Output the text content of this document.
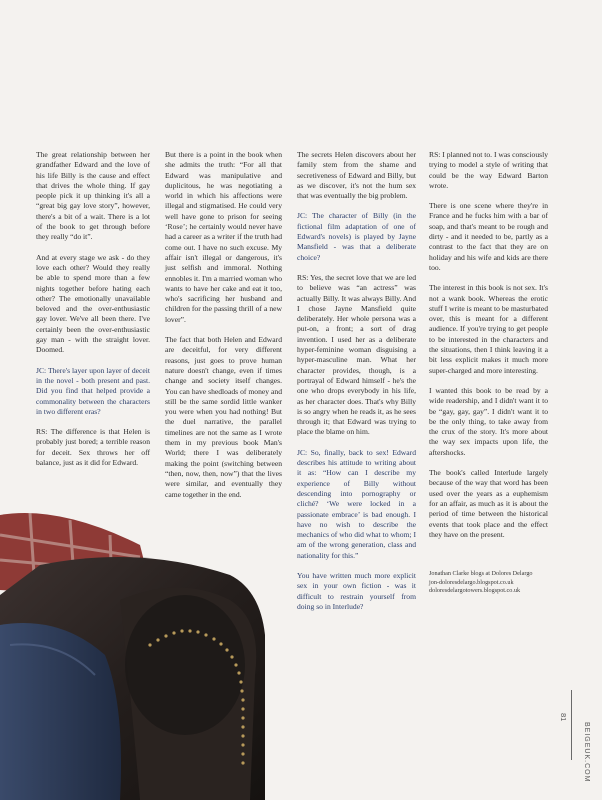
The great relationship between her grandfather Edward and the love of his life Billy is the cause and effect that drives the whole thing. If gay people pick it up thinking it's all a “great big gay love story”, however, there's a bit of a wait. There is a lot of the book to get through before they really “do it”.

And at every stage we ask - do they love each other? Would they really be able to spend more than a few nights together before hating each other? The emotionally unavailable beloved and the over-enthusiastic gay lover. We've all been there. I've certainly been the over-enthusiastic gay man - with the straight lover. Doomed.

JC: There's layer upon layer of deceit in the novel - both present and past. Did you find that helped provide a commonality between the characters in two different eras?

RS: The difference is that Helen is probably just bored; a terrible reason for deceit. Sex throws her off balance, just as it did for Edward.

But there is a point in the book when she admits the truth: “For all that Edward was manipulative and duplicitous, he was negotiating a world in which his affections were illegal and stigmatised. He could very well have gone to prison for seeing ‘Rose’; he certainly would never have had a career as a writer if the truth had come out. I have no such excuse. My affair isn't illegal or dangerous, it's just selfish and immoral. Nothing ennobles it. I'm a married woman who wants to have her cake and eat it too, who's sacrificing her husband and children for the passing thrill of a new lover”.

The fact that both Helen and Edward are deceitful, for very different reasons, just goes to prove human nature doesn't change, even if times change and society itself changes. You can have shedloads of money and still be the same sordid little wanker you were when you had nothing! But the duel narrative, the parallel timelines are not the same as I wrote them in my previous book Man's World; there I was deliberately making the point (switching between “then, now, then, now”) that the lives were similar, and eventually they came together in the end.

The secrets Helen discovers about her family stem from the shame and secretiveness of Edward and Billy, but as we discover, it's not the hum sex that was eventually the big problem.

JC: The character of Billy (in the fictional film adaptation of one of Edward's novels) is played by Jayne Mansfield - was that a deliberate choice?

RS: Yes, the secret love that we are led to believe was “an actress” was actually Billy. It was always Billy. And I chose Jayne Mansfield quite deliberately. Her whole persona was a put-on, a front; a sort of drag invention. I used her as a deliberate hyper-feminine woman disguising a hyper-masculine man. What her character provides, though, is a portrayal of Edward himself - he's the one who drops everybody in his life, as her character does. That's why Billy is so angry when he reads it, as he sees through it; that Edward was trying to place the blame on him.

JC: So, finally, back to sex! Edward describes his attitude to writing about it as: “How can I describe my experience of Billy without descending into pornography or cliché? ‘We were locked in a passionate embrace’ is bad enough. I have no wish to describe the mechanics of who did what to whom; I am of the wrong generation, class and nationality for this.”

You have written much more explicit sex in your own fiction - was it difficult to restrain yourself from doing so in Interlude?

RS: I planned not to. I was consciously trying to model a style of writing that could be the way Edward Barton wrote.

There is one scene where they're in France and he fucks him with a bar of soap, and that's meant to be rough and dirty - and it needed to be, partly as a contrast to the fact that they are on holiday and his wife and kids are there too.

The interest in this book is not sex. It's not a wank book. Whereas the erotic stuff I write is meant to be masturbated over, this is meant for a different audience. If you're trying to get people to be interested in the characters and the situations, then I think leaving it a bit less explicit makes it much more super-charged and more interesting.

I wanted this book to be read by a wide readership, and I didn't want it to be “gay, gay, gay”. I didn't want it to be the only thing, to take away from the crux of the story. It's more about the way sex impacts upon life, the aftershocks.

The book's called Interlude largely because of the way that word has been used over the years as a euphemism for an affair, as much as it is about the period of time between the historical events that took place and the effect they have on the present.

Jonathan Clarke blogs at Dolores Delargo
jon-doloresdelargo.blogspot.co.uk
doloresdelargotowers.blogspot.co.uk
81
BEIGEUK.COM
